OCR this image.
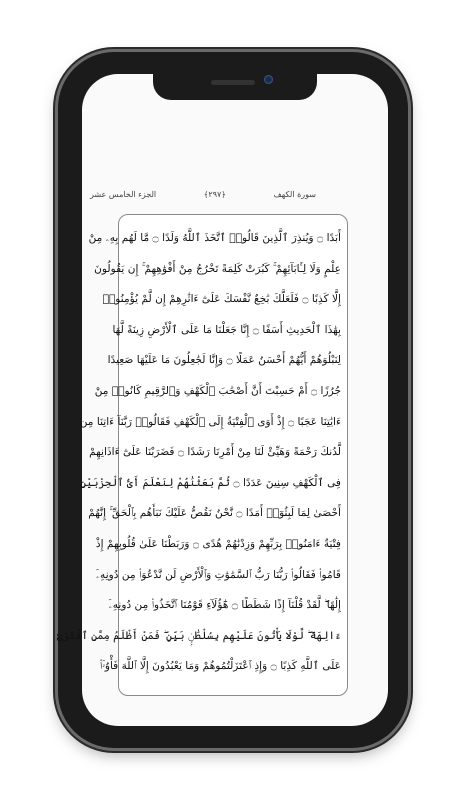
سورة الكهف
﴿٢٩٧﴾
الجزء الخامس عشر
أَبَدًا ۝ وَيُنذِرَ ٱلَّذِينَ قَالُوا۟ ٱتَّخَذَ ٱللَّهُ وَلَدًا ۝ مَّا لَهُم بِهِۦ مِنْ
عِلْمٍ وَلَا لِـَٔابَآئِهِمْ ۚ كَبُرَتْ كَلِمَةً تَخْرُجُ مِنْ أَفْوَٰهِهِمْ ۚ إِن يَقُولُونَ
إِلَّا كَذِبًا ۝ فَلَعَلَّكَ بَٰخِعٌ نَّفْسَكَ عَلَىٰٓ ءَاثَٰرِهِمْ إِن لَّمْ يُؤْمِنُوا۟
بِهَٰذَا ٱلْحَدِيثِ أَسَفًا ۝ إِنَّا جَعَلْنَا مَا عَلَى ٱلْأَرْضِ زِينَةً لَّهَا
لِنَبْلُوَهُمْ أَيُّهُمْ أَحْسَنُ عَمَلًا ۝ وَإِنَّا لَجَٰعِلُونَ مَا عَلَيْهَا صَعِيدًا
جُرُزًا ۝ أَمْ حَسِبْتَ أَنَّ أَصْحَٰبَ ٱلْكَهْفِ وَٱلرَّقِيمِ كَانُوا۟ مِنْ
ءَايَٰتِنَا عَجَبًا ۝ إِذْ أَوَى ٱلْفِتْيَةُ إِلَى ٱلْكَهْفِ فَقَالُوا۟ رَبَّنَآ ءَاتِنَا مِن
لَّدُنكَ رَحْمَةً وَهَيِّئْ لَنَا مِنْ أَمْرِنَا رَشَدًا ۝ فَضَرَبْنَا عَلَىٰٓ ءَاذَانِهِمْ
فِى ٱلْكَهْفِ سِنِينَ عَدَدًا ۝ ثُمَّ بَعَثْنَٰهُمْ لِنَعْلَمَ أَىُّ ٱلْحِزْبَيْنِ
أَحْصَىٰ لِمَا لَبِثُوٓا۟ أَمَدًا ۝ نَّحْنُ نَقُصُّ عَلَيْكَ نَبَأَهُم بِٱلْحَقِّ ۚ إِنَّهُمْ
فِتْيَةٌ ءَامَنُوا۟ بِرَبِّهِمْ وَزِدْنَٰهُمْ هُدًى ۝ وَرَبَطْنَا عَلَىٰ قُلُوبِهِمْ إِذْ
قَامُوا۟ فَقَالُوا۟ رَبُّنَا رَبُّ ٱلسَّمَٰوَٰتِ وَٱلْأَرْضِ لَن نَّدْعُوَا۟ مِن دُونِهِۦٓ
إِلَٰهًا ۖ لَّقَدْ قُلْنَآ إِذًا شَطَطًا ۝ هَٰٓؤُلَآءِ قَوْمُنَا ٱتَّخَذُوا۟ مِن دُونِهِۦٓ
ءَالِهَةً ۖ لَّوْلَا يَأْتُونَ عَلَيْهِم بِسُلْطَٰنٍۭ بَيِّنٍ ۖ فَمَنْ أَظْلَمُ مِمَّنِ ٱفْتَرَىٰ
عَلَى ٱللَّهِ كَذِبًا ۝ وَإِذِ ٱعْتَزَلْتُمُوهُمْ وَمَا يَعْبُدُونَ إِلَّا ٱللَّهَ فَأْوُۥٓا۟
